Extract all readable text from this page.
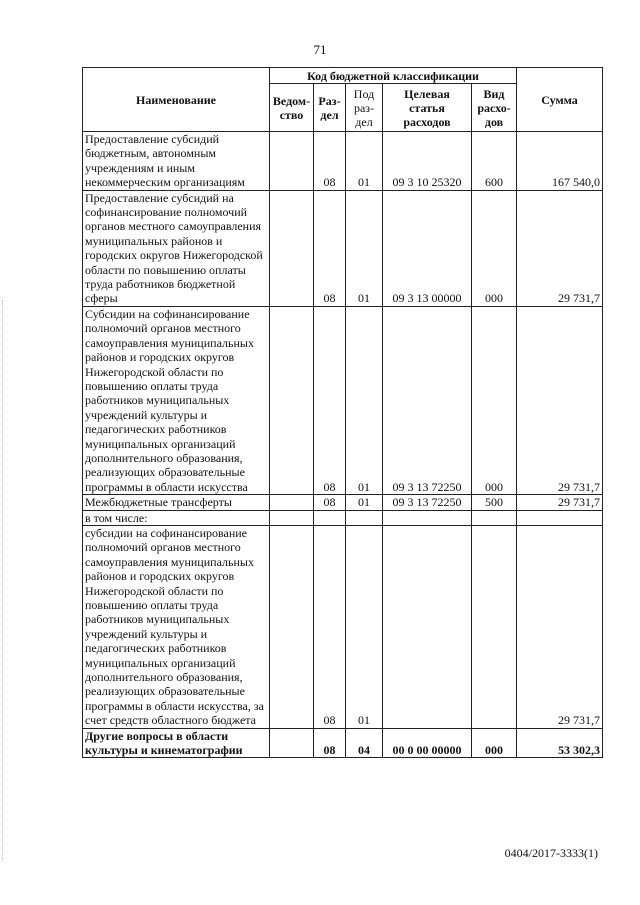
71
Наименование	Код бюджетной классификации					Сумма
	Ведом-ство	Раз-дел	Под раз-дел	Целевая статья расходов	Вид расхо-дов	
Предоставление субсидий бюджетным, автономным учреждениям и иным некоммерческим организациям		08	01	09 3 10 25320	600	167 540,0
Предоставление субсидий на софинансирование полномочий органов местного самоуправления муниципальных районов и городских округов Нижегородской области по повышению оплаты труда работников бюджетной сферы		08	01	09 3 13 00000	000	29 731,7
Субсидии на софинансирование полномочий органов местного самоуправления муниципальных районов и городских округов Нижегородской области по повышению оплаты труда работников муниципальных учреждений культуры и педагогических работников муниципальных организаций дополнительного образования, реализующих образовательные программы в области искусства		08	01	09 3 13 72250	000	29 731,7
Межбюджетные трансферты		08	01	09 3 13 72250	500	29 731,7
в том числе:						
субсидии на софинансирование полномочий органов местного самоуправления муниципальных районов и городских округов Нижегородской области по повышению оплаты труда работников муниципальных учреждений культуры и педагогических работников муниципальных организаций дополнительного образования, реализующих образовательные программы в области искусства, за счет средств областного бюджета		08	01			29 731,7
Другие вопросы в области культуры и кинематографии		08	04	00 0 00 00000	000	53 302,3
0404/2017-3333(1)
